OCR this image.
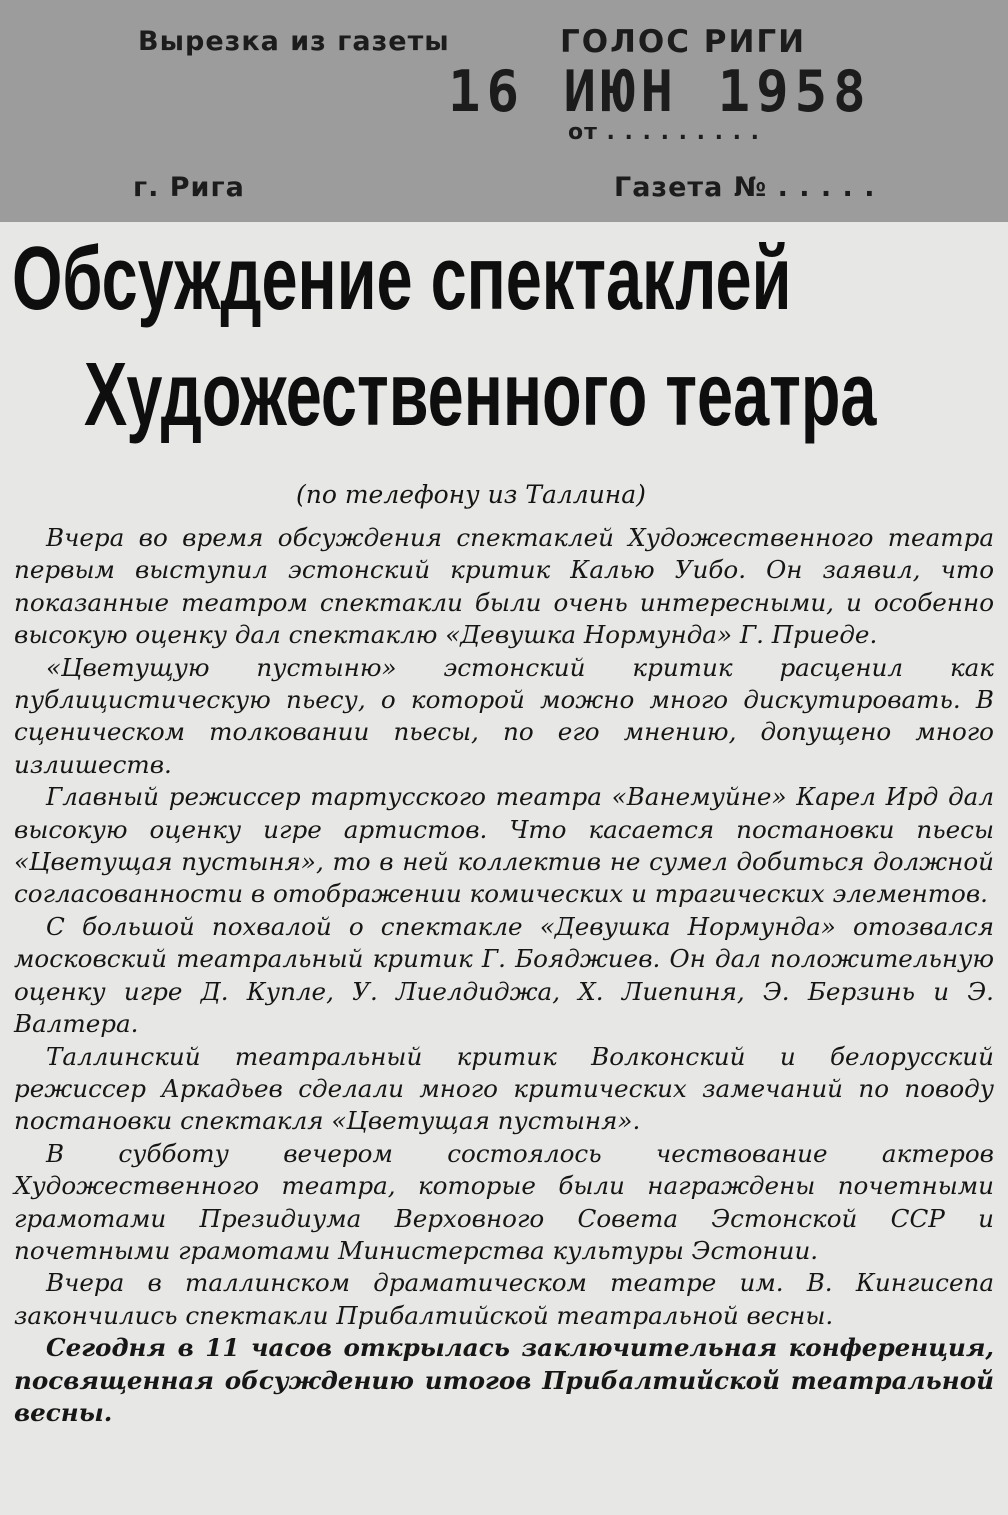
Вырезка из газеты	ГОЛОС РИГИ
16 ИЮН 1958
от . . . . . . . . .
г. Рига	Газета № . . . . .
Обсуждение спектаклей
Художественного театра
(по телефону из Таллина)

Вчера во время обсуждения спектаклей Художественного театра первым выступил эстонский критик Калью Уибо. Он заявил, что показанные театром спектакли были очень интересными, и особенно высокую оценку дал спектаклю «Девушка Нормунда» Г. Приеде.

«Цветущую пустыню» эстонский критик расценил как публицистическую пьесу, о которой можно много дискутировать. В сценическом толковании пьесы, по его мнению, допущено много излишеств.

Главный режиссер тартусского театра «Ванемуйне» Карел Ирд дал высокую оценку игре артистов. Что касается постановки пьесы «Цветущая пустыня», то в ней коллектив не сумел добиться должной согласованности в отображении комических и трагических элементов.

С большой похвалой о спектакле «Девушка Нормунда» отозвался московский театральный критик Г. Бояджиев. Он дал положительную оценку игре Д. Купле, У. Лиелдиджа, Х. Лиепиня, Э. Берзинь и Э. Валтера.

Таллинский театральный критик Волконский и белорусский режиссер Аркадьев сделали много критических замечаний по поводу постановки спектакля «Цветущая пустыня».

В субботу вечером состоялось чествование актеров Художественного театра, которые были награждены почетными грамотами Президиума Верховного Совета Эстонской ССР и почетными грамотами Министерства культуры Эстонии.

Вчера в таллинском драматическом театре им. В. Кингисепа закончились спектакли Прибалтийской театральной весны.

Сегодня в 11 часов открылась заключительная конференция, посвященная обсуждению итогов Прибалтийской театральной весны.
